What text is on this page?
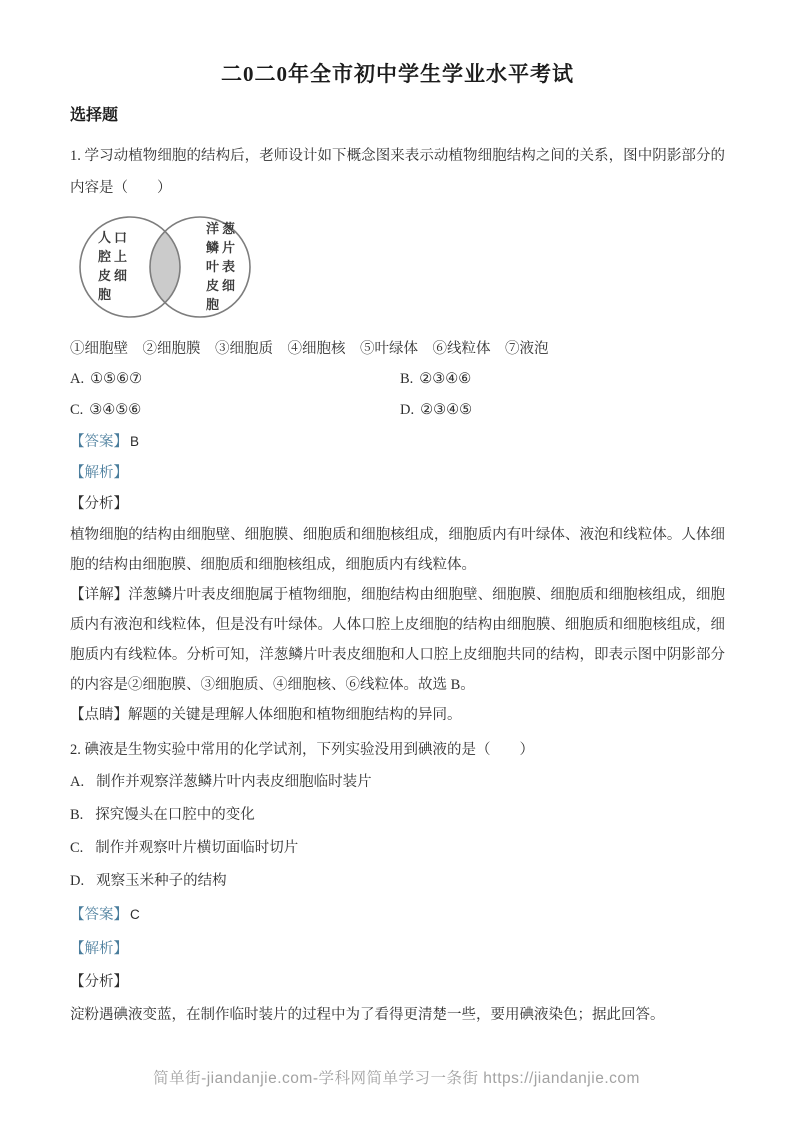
二0二0年全市初中学生学业水平考试
选择题
1. 学习动植物细胞的结构后，老师设计如下概念图来表示动植物细胞结构之间的关系，图中阴影部分的内容是（　　）
人口腔上皮细胞
洋葱鳞片叶表皮细胞
①细胞壁　②细胞膜　③细胞质　④细胞核　⑤叶绿体　⑥线粒体　⑦液泡
A. ①⑤⑥⑦	B. ②③④⑥
C. ③④⑤⑥	D. ②③④⑤
【答案】 B
【解析】
【分析】
植物细胞的结构由细胞壁、细胞膜、细胞质和细胞核组成，细胞质内有叶绿体、液泡和线粒体。人体细胞的结构由细胞膜、细胞质和细胞核组成，细胞质内有线粒体。
【详解】洋葱鳞片叶表皮细胞属于植物细胞，细胞结构由细胞壁、细胞膜、细胞质和细胞核组成，细胞质内有液泡和线粒体，但是没有叶绿体。人体口腔上皮细胞的结构由细胞膜、细胞质和细胞核组成，细胞质内有线粒体。分析可知，洋葱鳞片叶表皮细胞和人口腔上皮细胞共同的结构，即表示图中阴影部分的内容是②细胞膜、③细胞质、④细胞核、⑥线粒体。故选 B。
【点睛】解题的关键是理解人体细胞和植物细胞结构的异同。
2. 碘液是生物实验中常用的化学试剂，下列实验没用到碘液的是（　　）
A. 制作并观察洋葱鳞片叶内表皮细胞临时装片
B. 探究馒头在口腔中的变化
C. 制作并观察叶片横切面临时切片
D. 观察玉米种子的结构
【答案】 C
【解析】
【分析】
淀粉遇碘液变蓝，在制作临时装片的过程中为了看得更清楚一些，要用碘液染色；据此回答。
简单街-jiandanjie.com-学科网简单学习一条街 https://jiandanjie.com
